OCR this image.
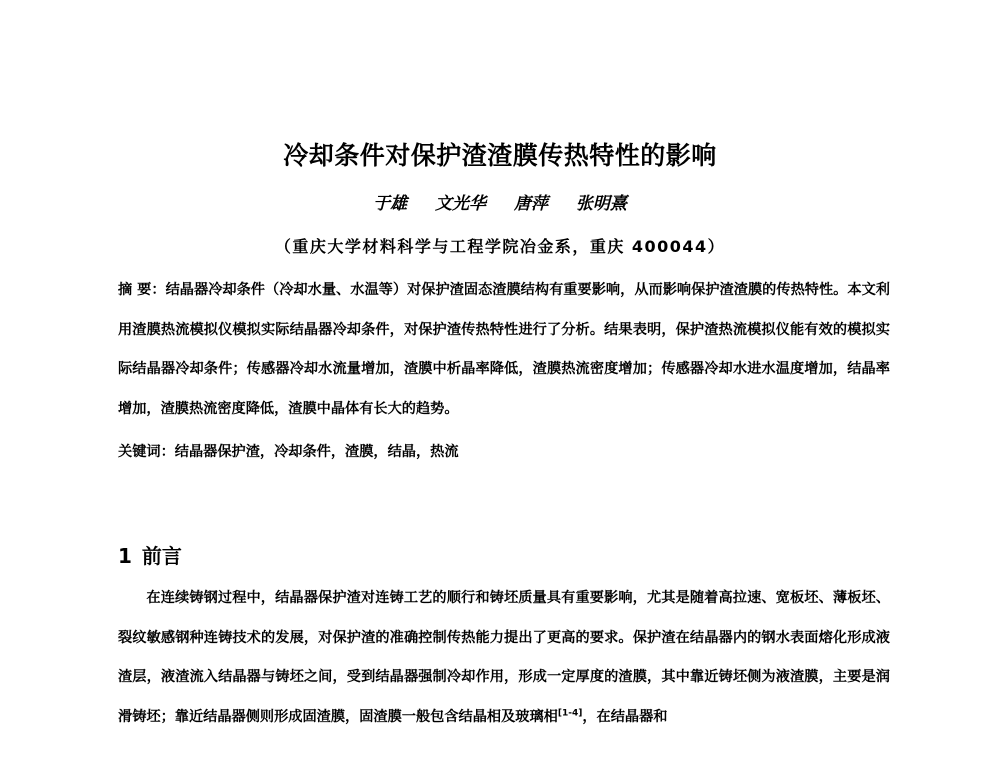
冷却条件对保护渣渣膜传热特性的影响
于雄 文光华 唐萍 张明熹
（重庆大学材料科学与工程学院冶金系，重庆 400044）

摘 要：结晶器冷却条件（冷却水量、水温等）对保护渣固态渣膜结构有重要影响，从而影响保护渣渣膜的传热特性。本文利用渣膜热流模拟仪模拟实际结晶器冷却条件，对保护渣传热特性进行了分析。结果表明，保护渣热流模拟仪能有效的模拟实际结晶器冷却条件；传感器冷却水流量增加，渣膜中析晶率降低，渣膜热流密度增加；传感器冷却水进水温度增加，结晶率增加，渣膜热流密度降低，渣膜中晶体有长大的趋势。

关键词：结晶器保护渣，冷却条件，渣膜，结晶，热流

1 前言

在连续铸钢过程中，结晶器保护渣对连铸工艺的顺行和铸坯质量具有重要影响，尤其是随着高拉速、宽板坯、薄板坯、裂纹敏感钢种连铸技术的发展，对保护渣的准确控制传热能力提出了更高的要求。保护渣在结晶器内的钢水表面熔化形成液渣层，液渣流入结晶器与铸坯之间，受到结晶器强制冷却作用，形成一定厚度的渣膜，其中靠近铸坯侧为液渣膜，主要是润滑铸坯；靠近结晶器侧则形成固渣膜，固渣膜一般包含结晶相及玻璃相[1-4]，在结晶器和
